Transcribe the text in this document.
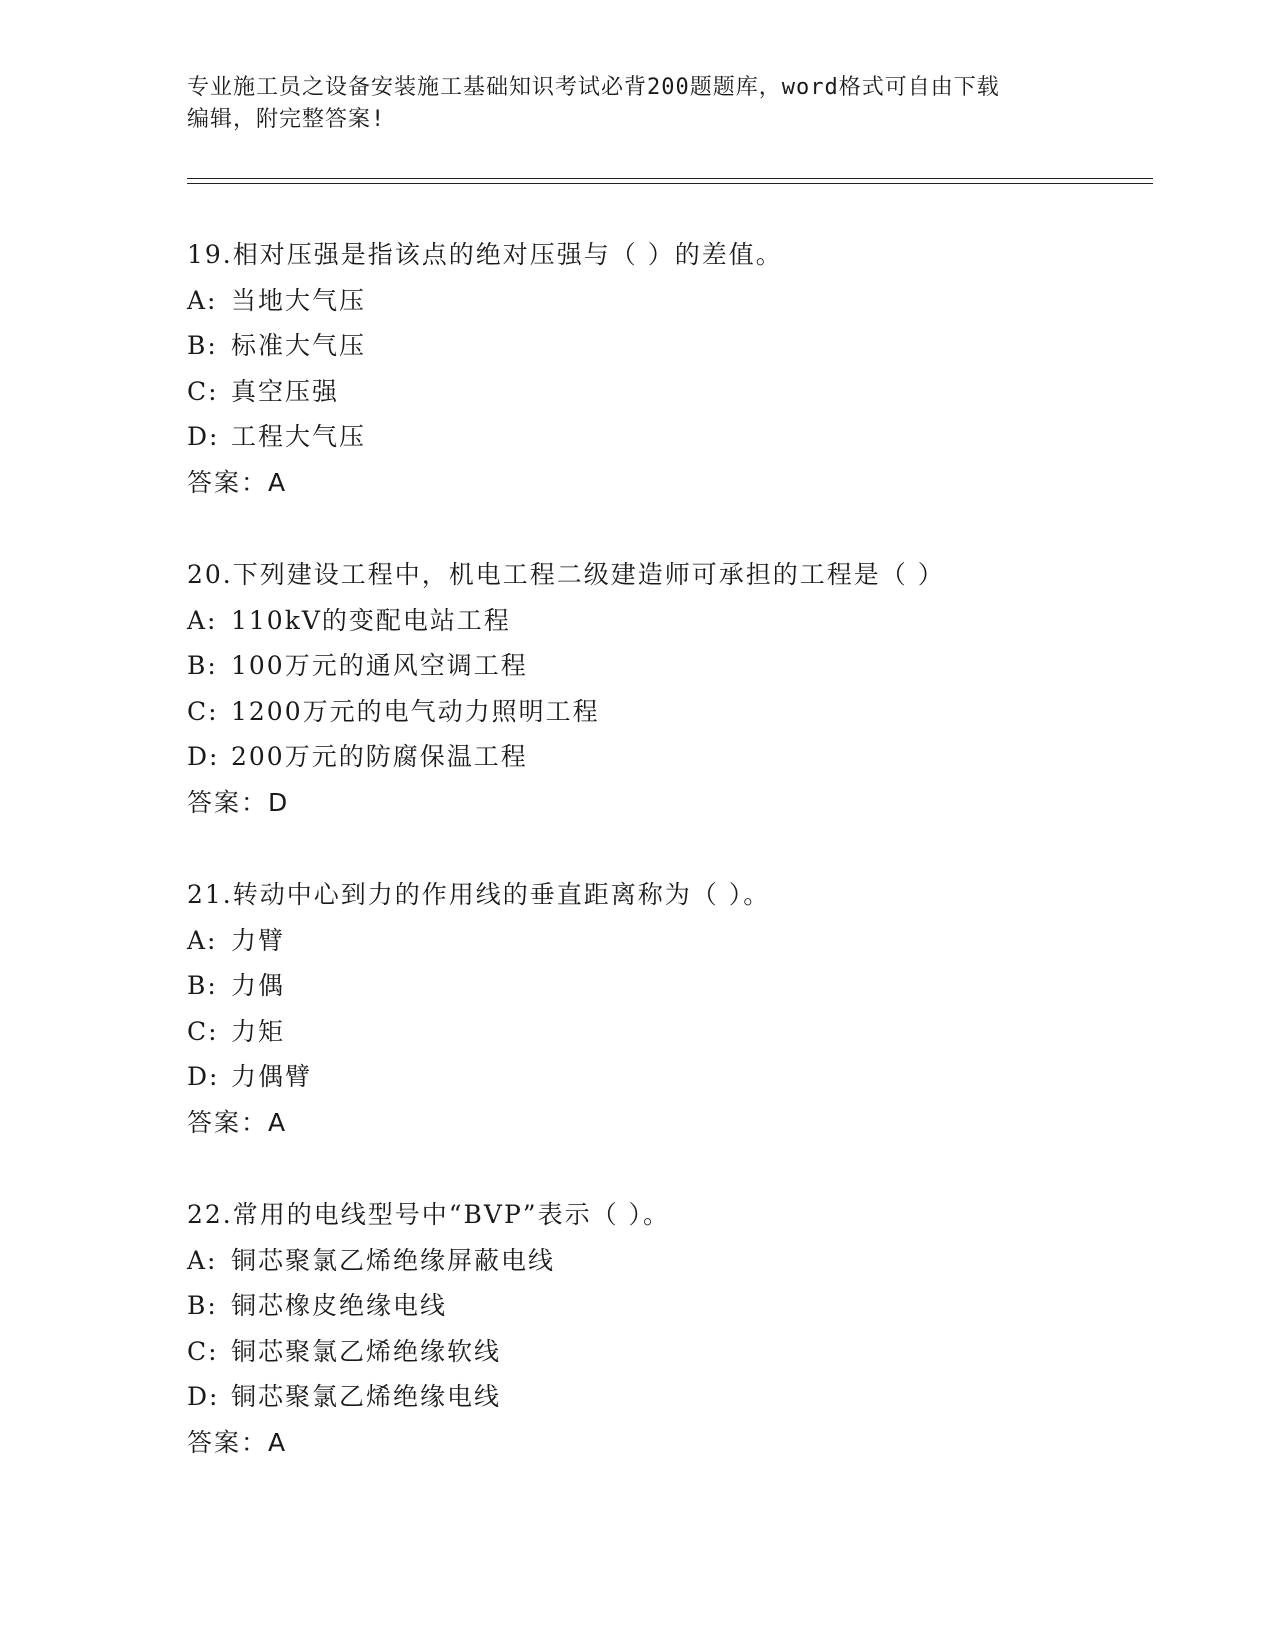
专业施工员之设备安装施工基础知识考试必背200题题库，word格式可自由下载
编辑，附完整答案!
19.相对压强是指该点的绝对压强与（ ）的差值。
A: 当地大气压
B: 标准大气压
C: 真空压强
D: 工程大气压
答案：A
20.下列建设工程中，机电工程二级建造师可承担的工程是（ ）
A: 110kV的变配电站工程
B: 100万元的通风空调工程
C: 1200万元的电气动力照明工程
D: 200万元的防腐保温工程
答案：D
21.转动中心到力的作用线的垂直距离称为（ ）。
A: 力臂
B: 力偶
C: 力矩
D: 力偶臂
答案：A
22.常用的电线型号中“BVP”表示（ ）。
A: 铜芯聚氯乙烯绝缘屏蔽电线
B: 铜芯橡皮绝缘电线
C: 铜芯聚氯乙烯绝缘软线
D: 铜芯聚氯乙烯绝缘电线
答案：A
